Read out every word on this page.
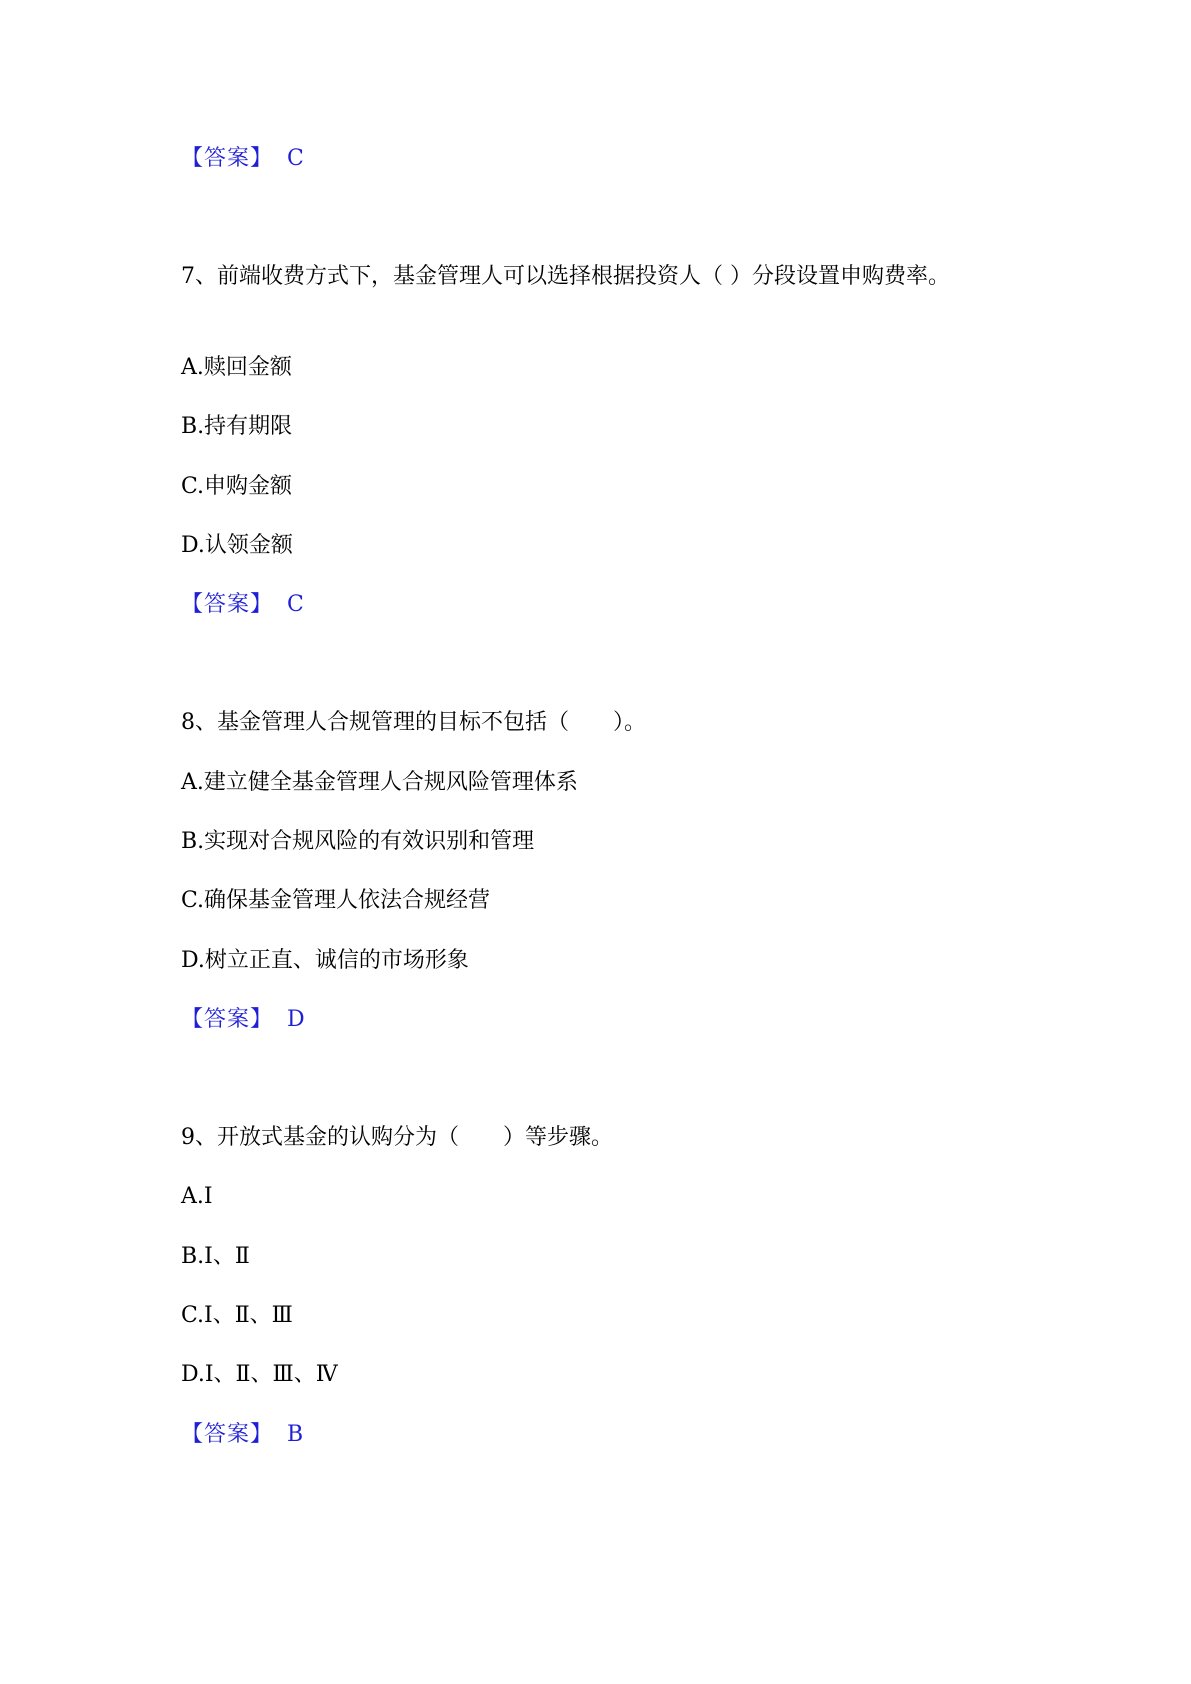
【答案】 C
7、前端收费方式下，基金管理人可以选择根据投资人（ ）分段设置申购费率。
A.赎回金额
B.持有期限
C.申购金额
D.认领金额
【答案】 C
8、基金管理人合规管理的目标不包括（　　）。
A.建立健全基金管理人合规风险管理体系
B.实现对合规风险的有效识别和管理
C.确保基金管理人依法合规经营
D.树立正直、诚信的市场形象
【答案】 D
9、开放式基金的认购分为（　　）等步骤。
A.Ⅰ
B.Ⅰ、Ⅱ
C.Ⅰ、Ⅱ、Ⅲ
D.Ⅰ、Ⅱ、Ⅲ、Ⅳ
【答案】 B
